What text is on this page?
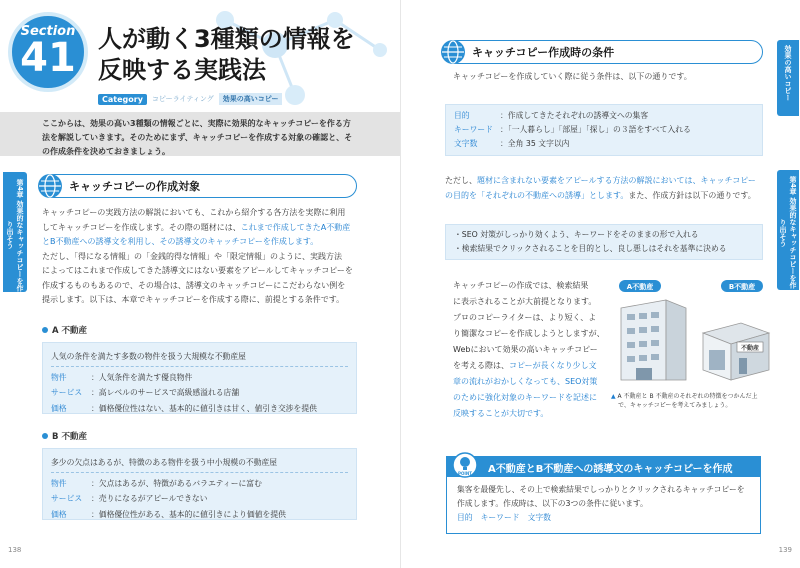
Section
41 人が動く3種類の情報を
反映する実践法
Category	コピーライティング	効果の高いコピー
ここからは、効果の高い3種類の情報ごとに、実際に効果的なキャッチコピーを作る方
法を解説していきます。そのためにまず、キャッチコピーを作成する対象の確認と、そ
の作成条件を決めておきましょう。
第4章 効果的なキャッチコピーを作り出そう
キャッチコピーの作成対象
キャッチコピーの実践方法の解説においても、これから紹介する各方法を実際に利用
してキャッチコピーを作成します。その際の題材には、これまで作成してきたA不動産
とB不動産への誘導文を利用し、その誘導文のキャッチコピーを作成します。
ただし、「得になる情報」の「金銭的得な情報」や「限定情報」のように、実践方法
によってはこれまで作成してきた誘導文にはない要素をアピールしてキャッチコピーを
作成するものもあるので、その場合は、誘導文のキャッチコピーにこだわらない例を
提示します。以下は、本章でキャッチコピーを作成する際に、前提とする条件です。
A 不動産
人気の条件を満たす多数の物件を扱う大規模な不動産屋
物件	：人気条件を満たす優良物件
サービス	：高レベルのサービスで高級感溢れる店舗
価格	：価格優位性はない、基本的に値引きは甘く、値引き交渉を提供
B 不動産
多少の欠点はあるが、特徴のある物件を扱う中小規模の不動産屋
物件	：欠点はあるが、特徴があるバラエティーに富む
サービス	：売りになるがアピールできない
価格	：価格優位性がある、基本的に値引きにより価値を提供
138
キャッチコピー作成時の条件
キャッチコピーを作成していく際に従う条件は、以下の通りです。
目的	：作成してきたそれぞれの誘導文への集客
キーワード ：「一人暮らし」「部屋」「探し」の３語をすべて入れる
文字数	：全角 35 文字以内
ただし、題材に含まれない要素をアピールする方法の解説においては、キャッチコピー
の目的を「それぞれの不動産への誘導」とします。また、作成方針は以下の通りです。
・SEO 対策がしっかり効くよう、キーワードをそのままの形で入れる
・検索結果でクリックされることを目的とし、良し悪しはそれを基準に決める
キャッチコピーの作成では、検索結果
に表示されることが大前提となります。
プロのコピーライターは、より短く、よ
り簡潔なコピーを作成しようとしますが、
Webにおいて効果の高いキャッチコピー
を考える際は、コピーが長くなり少し文
章の流れがおかしくなっても、SEO対策
のために強化対象のキーワードを記述に
反映することが大切です。
A不動産	B不動産
不動産
▲ A 不動産と B 不動産のそれぞれの特徴をつかんだ上
で、キャッチコピーを考えてみましょう。
POINT A不動産とB不動産への誘導文のキャッチコピーを作成
集客を最優先し、その上で検索結果でしっかりとクリックされるキャッチコピーを
作成します。作成時は、以下の3つの条件に従います。
目的 キーワード 文字数
効果の高いコピー
第4章 効果的なキャッチコピーを作り出そう
139
